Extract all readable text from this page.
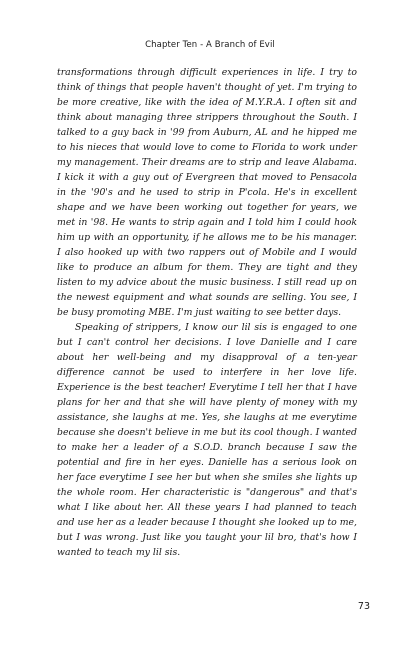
Chapter Ten - A Branch of Evil

transformations through difficult experiences in life. I try to think of things that people haven't thought of yet. I'm trying to be more creative, like with the idea of M.Y.R.A. I often sit and think about managing three strippers throughout the South. I talked to a guy back in '99 from Auburn, AL and he hipped me to his nieces that would love to come to Florida to work under my management. Their dreams are to strip and leave Alabama. I kick it with a guy out of Evergreen that moved to Pensacola in the '90's and he used to strip in P'cola. He's in excellent shape and we have been working out together for years, we met in '98. He wants to strip again and I told him I could hook him up with an opportunity, if he allows me to be his manager. I also hooked up with two rappers out of Mobile and I would like to produce an album for them. They are tight and they listen to my advice about the music business. I still read up on the newest equipment and what sounds are selling. You see, I be busy promoting MBE. I'm just waiting to see better days.

Speaking of strippers, I know our lil sis is engaged to one but I can't control her decisions. I love Danielle and I care about her well-being and my disapproval of a ten-year difference cannot be used to interfere in her love life. Experience is the best teacher! Everytime I tell her that I have plans for her and that she will have plenty of money with my assistance, she laughs at me. Yes, she laughs at me everytime because she doesn't believe in me but its cool though. I wanted to make her a leader of a S.O.D. branch because I saw the potential and fire in her eyes. Danielle has a serious look on her face everytime I see her but when she smiles she lights up the whole room. Her characteristic is "dangerous" and that's what I like about her. All these years I had planned to teach and use her as a leader because I thought she looked up to me, but I was wrong. Just like you taught your lil bro, that's how I wanted to teach my lil sis.

73
